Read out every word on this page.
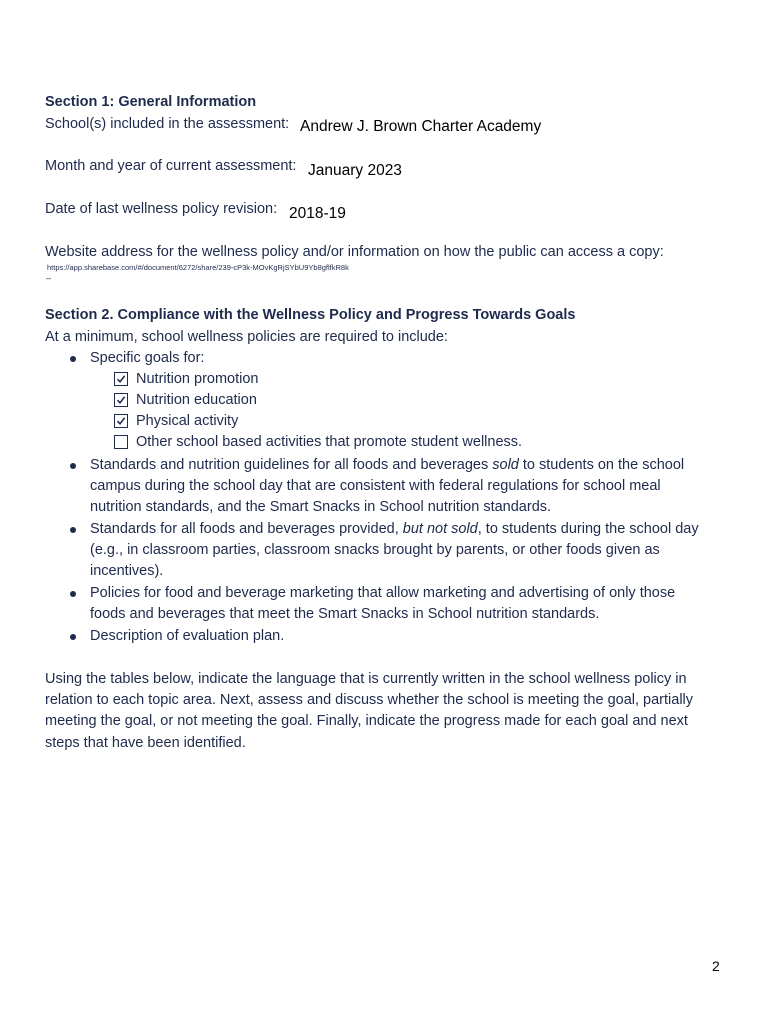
Section 1: General Information
School(s) included in the assessment: Andrew J. Brown Charter Academy
Month and year of current assessment: January 2023
Date of last wellness policy revision: 2018-19
Website address for the wellness policy and/or information on how the public can access a copy:
https://app.sharebase.com/#/document/6272/share/239-cP3k-MOvKgRjSYbU9Yb8gflfkR8k
–
Section 2. Compliance with the Wellness Policy and Progress Towards Goals
At a minimum, school wellness policies are required to include:
Specific goals for:
Nutrition promotion
Nutrition education
Physical activity
Other school based activities that promote student wellness.
Standards and nutrition guidelines for all foods and beverages sold to students on the school
campus during the school day that are consistent with federal regulations for school meal
nutrition standards, and the Smart Snacks in School nutrition standards.
Standards for all foods and beverages provided, but not sold, to students during the school day
(e.g., in classroom parties, classroom snacks brought by parents, or other foods given as
incentives).
Policies for food and beverage marketing that allow marketing and advertising of only those
foods and beverages that meet the Smart Snacks in School nutrition standards.
Description of evaluation plan.
Using the tables below, indicate the language that is currently written in the school wellness policy in
relation to each topic area. Next, assess and discuss whether the school is meeting the goal, partially
meeting the goal, or not meeting the goal. Finally, indicate the progress made for each goal and next
steps that have been identified.
2
